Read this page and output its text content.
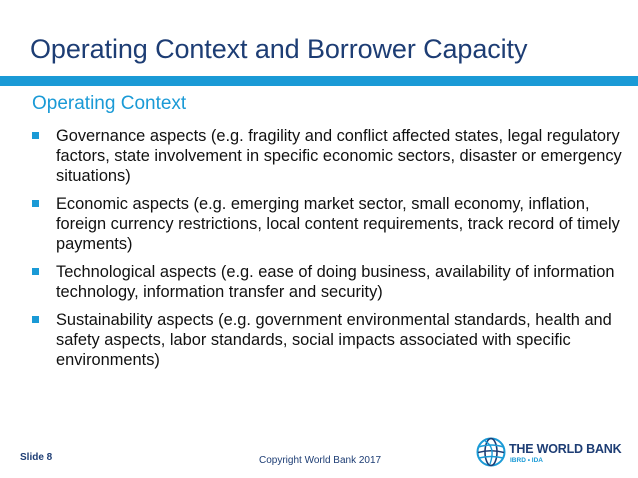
Operating Context and Borrower Capacity
Operating Context
Governance aspects (e.g. fragility and conflict affected states, legal regulatory factors, state involvement in specific economic sectors, disaster or emergency situations)
Economic aspects (e.g. emerging market sector, small economy, inflation, foreign currency restrictions, local content requirements, track record of timely payments)
Technological aspects (e.g. ease of doing business, availability of information technology, information transfer and security)
Sustainability aspects (e.g. government environmental standards, health and safety aspects, labor standards, social impacts associated with specific environments)
Slide 8	Copyright World Bank 2017
THE WORLD BANK
IBRD • IDA
